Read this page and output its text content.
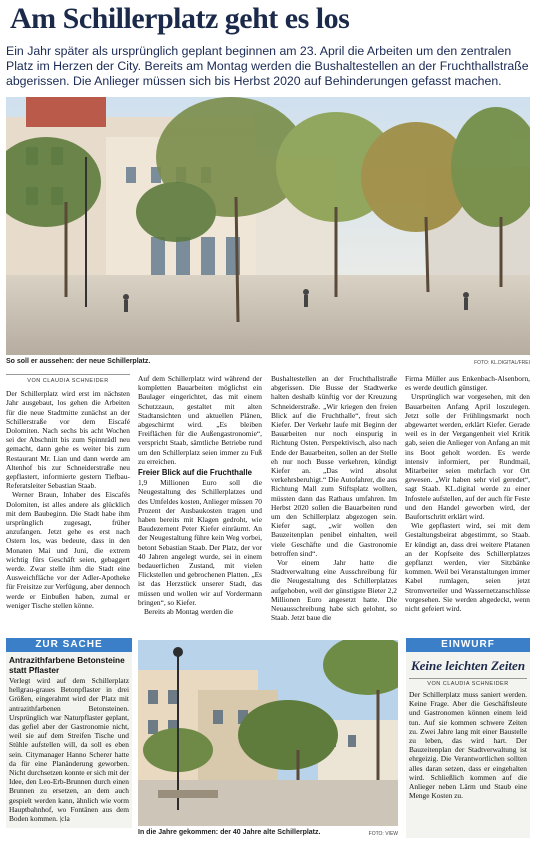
Am Schillerplatz geht es los
Ein Jahr später als ursprünglich geplant beginnen am 23. April die Arbeiten um den zentralen Platz im Herzen der City. Bereits am Montag werden die Bushaltestellen an der Fruchthallstraße abgerissen. Die Anlieger müssen sich bis Herbst 2020 auf Behinderungen gefasst machen.
So soll er aussehen: der neue Schillerplatz.	FOTO: KL.DIGITAL/FREI
VON CLAUDIA SCHNEIDER

Der Schillerplatz wird erst im nächsten Jahr ausgebaut, los gehen die Arbeiten für die neue Stadtmitte zunächst an der Schillerstraße vor dem Eiscafé Dolomiten. Nach sechs bis acht Wochen sei der Abschnitt bis zum Spinnrädl neu gemacht, dann gehe es weiter bis zum Restaurant Mr. Lian und dann werde am Altenhof bis zur Schneiderstraße neu gepflastert, informierte gestern Tiefbau-Referatsleiter Sebastian Staab.

Werner Braun, Inhaber des Eiscafés Dolomiten, ist alles andere als glücklich mit dem Baubeginn. Die Stadt habe ihm ursprünglich zugesagt, früher anzufangen. Jetzt gehe es erst nach Ostern los, was bedeute, dass in den Monaten Mai und Juni, die extrem wichtig fürs Geschäft seien, gebaggert werde. Zwar stelle ihm die Stadt eine Ausweichfläche vor der Adler-Apotheke für Freisitze zur Verfügung, aber dennoch werde er Einbußen haben, zumal er weniger Tische stellen könne.

Auf dem Schillerplatz wird während der kompletten Bauarbeiten möglichst ein Baulager eingerichtet, das mit einem Schutzzaun, gestaltet mit alten Stadtansichten und aktuellen Plänen, abgeschirmt wird. „Es bleiben Freiflächen für die Außengastronomie“, verspricht Staab, sämtliche Betriebe rund um den Schillerplatz seien immer zu Fuß zu erreichen.

Freier Blick auf die Fruchthalle

1,9 Millionen Euro soll die Neugestaltung des Schillerplatzes und des Umfeldes kosten, Anlieger müssen 70 Prozent der Ausbaukosten tragen und haben bereits mit Klagen gedroht, wie Baudezernent Peter Kiefer einräumt. An der Neugestaltung führe kein Weg vorbei, betont Sebastian Staab. Der Platz, der vor 40 Jahren angelegt wurde, sei in einem bedauerlichen Zustand, mit vielen Flickstellen und gebrochenen Platten. „Es ist das Herzstück unserer Stadt, das müssen und wollen wir auf Vordermann bringen“, so Kiefer.

Bereits ab Montag werden die

Bushaltestellen an der Fruchthallstraße abgerissen. Die Busse der Stadtwerke halten deshalb künftig vor der Kreuzung Schneiderstraße. „Wir kriegen den freien Blick auf die Fruchthalle“, freut sich Kiefer. Der Verkehr laufe mit Beginn der Bauarbeiten nur noch einspurig in Richtung Osten. Perspektivisch, also nach Ende der Bauarbeiten, sollen an der Stelle eh nur noch Busse verkehren, kündigt Kiefer an. „Das wird absolut verkehrsberuhigt.“ Die Autofahrer, die aus Richtung Mall zum Stiftsplatz wollten, müssten dann das Rathaus umfahren. Im Herbst 2020 sollen die Bauarbeiten rund um den Schillerplatz abgezogen sein. Kiefer sagt, „wir wollen den Bauzeitenplan penibel einhalten, weil viele Geschäfte und die Gastronomie betroffen sind“.

Vor einem Jahr hatte die Stadtverwaltung eine Ausschreibung für die Neugestaltung des Schillerplatzes aufgehoben, weil der günstigste Bieter 2,2 Millionen Euro angesetzt hatte. Die Neuausschreibung habe sich gelohnt, so Staab. Jetzt baue die

Firma Müller aus Enkenbach-Alsenborn, es werde deutlich günstiger.

Ursprünglich war vorgesehen, mit den Bauarbeiten Anfang April loszulegen. Jetzt solle der Frühlingsmarkt noch abgewartet werden, erklärt Kiefer. Gerade weil es in der Vergangenheit viel Kritik gab, seien die Anlieger von Anfang an mit ins Boot geholt worden. Es werde intensiv informiert, per Rundmail, Mitarbeiter seien mehrfach vor Ort gewesen. „Wir haben sehr viel geredet“, sagt Staab. KL.digital werde zu einer Infostele aufstellen, auf der auch für Feste und den Handel geworben wird, der Baufortschritt erklärt wird.

Wie gepflastert wird, sei mit dem Gestaltungsbeirat abgestimmt, so Staab. Er kündigt an, dass drei weitere Platanen an der Kopfseite des Schillerplatzes gepflanzt werden, vier Sitzbänke kommen. Weil bei Veranstaltungen immer Kabel rumlagen, seien jetzt Stromverteiler und Wassernetzanschlüsse vorgesehen. Sie werden abgedeckt, wenn nicht gefeiert wird.

ZUR SACHE
Antrazithfarbene Betonsteine statt Pflaster
Verlegt wird auf dem Schillerplatz hellgrau-graues Betonpflaster in drei Größen, eingerahmt wird der Platz mit antrazithfarbenen Betonsteinen. Ursprünglich war Naturpflaster geplant, das gefiel aber der Gastronomie nicht, weil sie auf dem Streifen Tische und Stühle aufstellen will, da soll es eben sein. Citymanager Hanno Scherer hatte da für eine Planänderung geworben. Nicht durchsetzen konnte er sich mit der Idee, den Leo-Erb-Brunnen durch einen Brunnen zu ersetzen, an dem auch gespielt werden kann, ähnlich wie vorm Hauptbahnhof, wo Fontänen aus dem Boden kommen. |cla
In die Jahre gekommen: der 40 Jahre alte Schillerplatz.	FOTO: VIEW
EINWURF
Keine leichten Zeiten
VON CLAUDIA SCHNEIDER
Der Schillerplatz muss saniert werden. Keine Frage. Aber die Geschäftsleute und Gastronomen können einem leid tun. Auf sie kommen schwere Zeiten zu. Zwei Jahre lang mit einer Baustelle zu leben, das wird hart. Der Bauzeitenplan der Stadtverwaltung ist ehrgeizig. Die Verantwortlichen sollten alles daran setzen, dass er eingehalten wird. Schließlich kommen auf die Anlieger neben Lärm und Staub eine Menge Kosten zu.
